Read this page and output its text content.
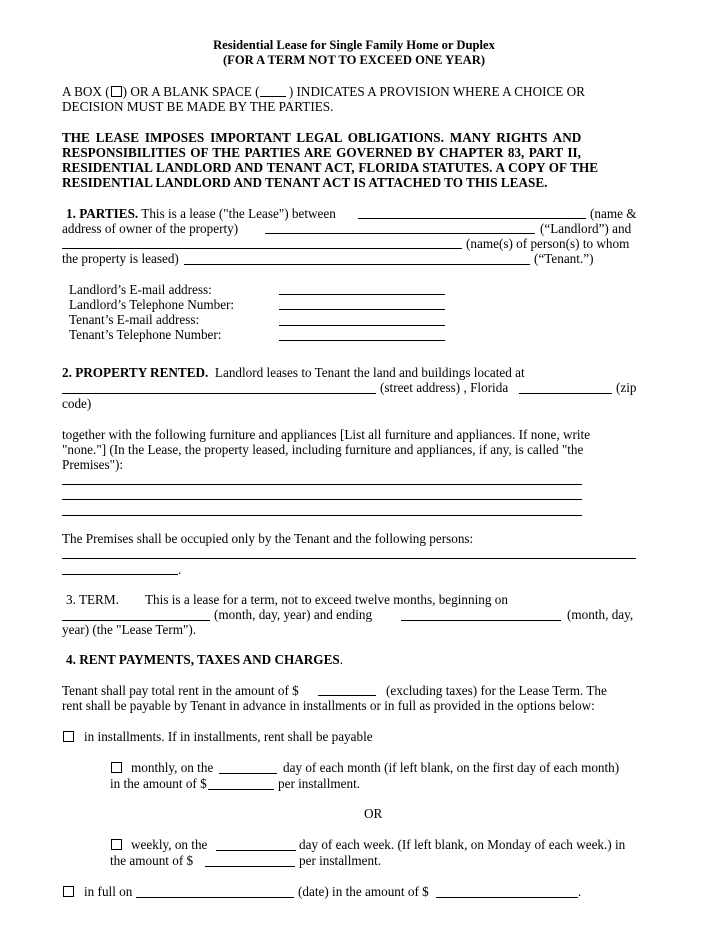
Residential Lease for Single Family Home or Duplex
(FOR A TERM NOT TO EXCEED ONE YEAR)
A BOX ( ) OR A BLANK SPACE ( ) INDICATES A PROVISION WHERE A CHOICE OR
DECISION MUST BE MADE BY THE PARTIES.
THE LEASE IMPOSES IMPORTANT LEGAL OBLIGATIONS. MANY RIGHTS AND
RESPONSIBILITIES OF THE PARTIES ARE GOVERNED BY CHAPTER 83, PART II,
RESIDENTIAL LANDLORD AND TENANT ACT, FLORIDA STATUTES. A COPY OF THE
RESIDENTIAL LANDLORD AND TENANT ACT IS ATTACHED TO THIS LEASE.
1. PARTIES. This is a lease ("the Lease") between	(name &
address of owner of the property)	(“Landlord”) and
(name(s) of person(s) to whom
the property is leased)	(“Tenant.”)
Landlord’s E-mail address:
Landlord’s Telephone Number:
Tenant’s E-mail address:
Tenant’s Telephone Number:
2. PROPERTY RENTED. Landlord leases to Tenant the land and buildings located at
(street address) , Florida	(zip
code)
together with the following furniture and appliances [List all furniture and appliances. If none, write
"none."] (In the Lease, the property leased, including furniture and appliances, if any, is called "the
Premises"):
The Premises shall be occupied only by the Tenant and the following persons:
.
3. TERM. This is a lease for a term, not to exceed twelve months, beginning on
(month, day, year) and ending	(month, day,
year) (the "Lease Term").
4. RENT PAYMENTS, TAXES AND CHARGES.
Tenant shall pay total rent in the amount of $	(excluding taxes) for the Lease Term. The
rent shall be payable by Tenant in advance in installments or in full as provided in the options below:
in installments. If in installments, rent shall be payable
monthly, on the	day of each month (if left blank, on the first day of each month)
in the amount of $	per installment.
OR
weekly, on the	day of each week. (If left blank, on Monday of each week.) in
the amount of $	per installment.
in full on	(date) in the amount of $	.
